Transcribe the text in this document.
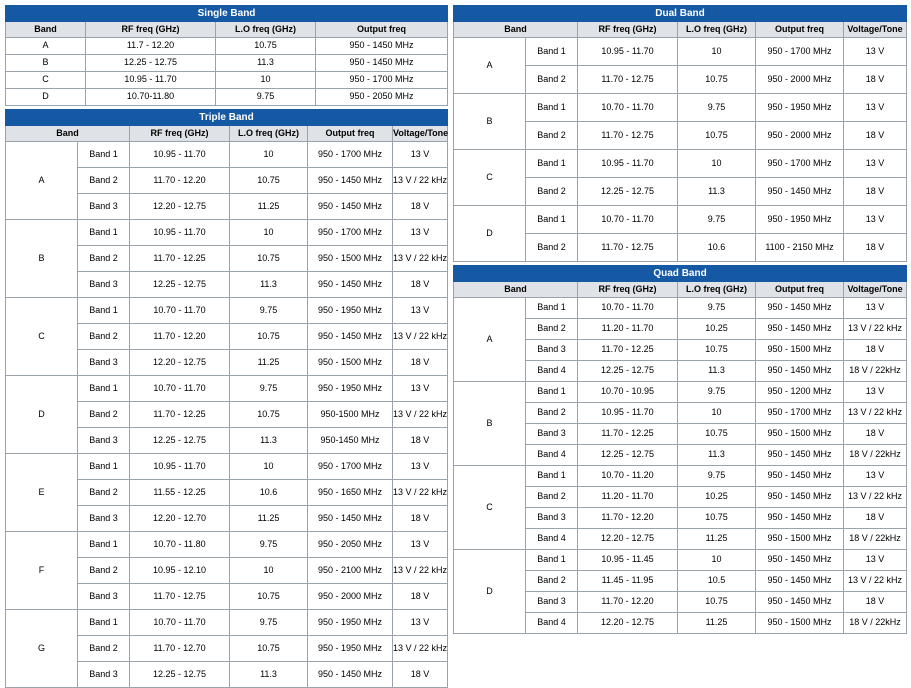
Single Band			
Band	RF freq (GHz)	L.O freq (GHz)	Output freq
A	11.7 - 12.20	10.75	950 - 1450 MHz
B	12.25 - 12.75	11.3	950 - 1450 MHz
C	10.95 - 11.70	10	950 - 1700 MHz
D	10.70-11.80	9.75	950 - 2050 MHz
Triple Band					
Band		RF freq (GHz)	L.O freq (GHz)	Output freq	Voltage/Tone
A	Band 1	10.95 - 11.70	10	950 - 1700 MHz	13 V
	Band 2	11.70 - 12.20	10.75	950 - 1450 MHz	13 V / 22 kHz
	Band 3	12.20 - 12.75	11.25	950 - 1450 MHz	18 V
B	Band 1	10.95 - 11.70	10	950 - 1700 MHz	13 V
	Band 2	11.70 - 12.25	10.75	950 - 1500 MHz	13 V / 22 kHz
	Band 3	12.25 - 12.75	11.3	950 - 1450 MHz	18 V
C	Band 1	10.70 - 11.70	9.75	950 - 1950 MHz	13 V
	Band 2	11.70 - 12.20	10.75	950 - 1450 MHz	13 V / 22 kHz
	Band 3	12.20 - 12.75	11.25	950 - 1500 MHz	18 V
D	Band 1	10.70 - 11.70	9.75	950 - 1950 MHz	13 V
	Band 2	11.70 - 12.25	10.75	950-1500 MHz	13 V / 22 kHz
	Band 3	12.25 - 12.75	11.3	950-1450 MHz	18 V
E	Band 1	10.95 - 11.70	10	950 - 1700 MHz	13 V
	Band 2	11.55 - 12.25	10.6	950 - 1650 MHz	13 V / 22 kHz
	Band 3	12.20 - 12.70	11.25	950 - 1450 MHz	18 V
F	Band 1	10.70 - 11.80	9.75	950 - 2050 MHz	13 V
	Band 2	10.95 - 12.10	10	950 - 2100 MHz	13 V / 22 kHz
	Band 3	11.70 - 12.75	10.75	950 - 2000 MHz	18 V
G	Band 1	10.70 - 11.70	9.75	950 - 1950 MHz	13 V
	Band 2	11.70 - 12.70	10.75	950 - 1950 MHz	13 V / 22 kHz
	Band 3	12.25 - 12.75	11.3	950 - 1450 MHz	18 V
Dual Band					
Band		RF freq (GHz)	L.O freq (GHz)	Output freq	Voltage/Tone
A	Band 1	10.95 - 11.70	10	950 - 1700 MHz	13 V
	Band 2	11.70 - 12.75	10.75	950 - 2000 MHz	18 V
B	Band 1	10.70 - 11.70	9.75	950 - 1950 MHz	13 V
	Band 2	11.70 - 12.75	10.75	950 - 2000 MHz	18 V
C	Band 1	10.95 - 11.70	10	950 - 1700 MHz	13 V
	Band 2	12.25 - 12.75	11.3	950 - 1450 MHz	18 V
D	Band 1	10.70 - 11.70	9.75	950 - 1950 MHz	13 V
	Band 2	11.70 - 12.75	10.6	1100 - 2150 MHz	18 V
Quad Band					
Band		RF freq (GHz)	L.O freq (GHz)	Output freq	Voltage/Tone
A	Band 1	10.70 - 11.70	9.75	950 - 1450 MHz	13 V
	Band 2	11.20 - 11.70	10.25	950 - 1450 MHz	13 V / 22 kHz
	Band 3	11.70 - 12.25	10.75	950 - 1500 MHz	18 V
	Band 4	12.25 - 12.75	11.3	950 - 1450 MHz	18 V / 22kHz
B	Band 1	10.70 - 10.95	9.75	950 - 1200 MHz	13 V
	Band 2	10.95 - 11.70	10	950 - 1700 MHz	13 V / 22 kHz
	Band 3	11.70 - 12.25	10.75	950 - 1500 MHz	18 V
	Band 4	12.25 - 12.75	11.3	950 - 1450 MHz	18 V / 22kHz
C	Band 1	10.70 - 11.20	9.75	950 - 1450 MHz	13 V
	Band 2	11.20 - 11.70	10.25	950 - 1450 MHz	13 V / 22 kHz
	Band 3	11.70 - 12.20	10.75	950 - 1450 MHz	18 V
	Band 4	12.20 - 12.75	11.25	950 - 1500 MHz	18 V / 22kHz
D	Band 1	10.95 - 11.45	10	950 - 1450 MHz	13 V
	Band 2	11.45 - 11.95	10.5	950 - 1450 MHz	13 V / 22 kHz
	Band 3	11.70 - 12.20	10.75	950 - 1450 MHz	18 V
	Band 4	12.20 - 12.75	11.25	950 - 1500 MHz	18 V / 22kHz
